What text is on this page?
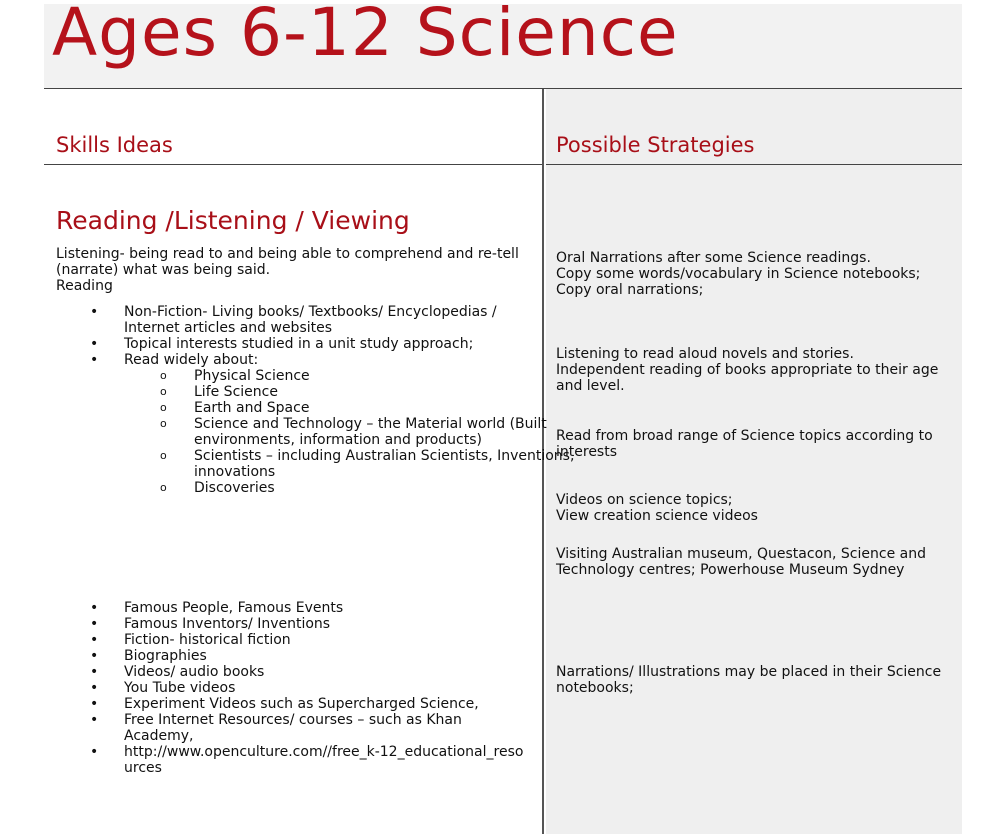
Ages 6-12 Science
Skills Ideas	Possible Strategies
Reading /Listening / Viewing
Listening- being read to and being able to comprehend and re-tell (narrate) what was being said.
Reading
• Non-Fiction- Living books/ Textbooks/ Encyclopedias / Internet articles and websites
• Topical interests studied in a unit study approach;
• Read widely about:
o Physical Science
o Life Science
o Earth and Space
o Science and Technology – the Material world (Built environments, information and products)
o Scientists – including Australian Scientists, Inventions, innovations
o Discoveries
• Famous People, Famous Events
• Famous Inventors/ Inventions
• Fiction- historical fiction
• Biographies
• Videos/ audio books
• You Tube videos
• Experiment Videos such as Supercharged Science,
• Free Internet Resources/ courses – such as Khan Academy,
• http://www.openculture.com//free_k-12_educational_resources

Oral Narrations after some Science readings.

Copy some words/vocabulary in Science notebooks;

Copy oral narrations;

Listening to read aloud novels and stories. Independent reading of books appropriate to their age and level.

Read from broad range of Science topics according to interests

Videos on science topics;

View creation science videos

Visiting Australian museum, Questacon, Science and Technology centres; Powerhouse Museum Sydney

Narrations/ Illustrations may be placed in their Science notebooks;
